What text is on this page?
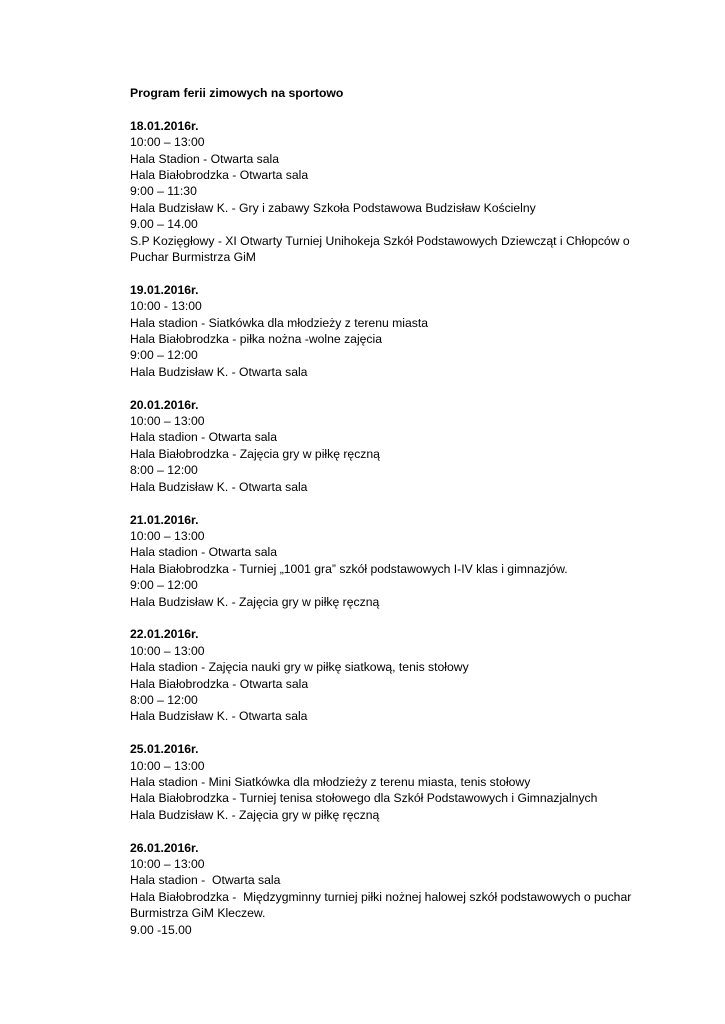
Program ferii zimowych na sportowo
18.01.2016r.
10:00 – 13:00
Hala Stadion - Otwarta sala
Hala Białobrodzka - Otwarta sala
9:00 – 11:30
Hala Budzisław K. - Gry i zabawy Szkoła Podstawowa Budzisław Kościelny
9.00 – 14.00
S.P Kozięgłowy - XI Otwarty Turniej Unihokeja Szkół Podstawowych Dziewcząt i Chłopców o
Puchar Burmistrza GiM
19.01.2016r.
10:00 - 13:00
Hala stadion - Siatkówka dla młodzieży z terenu miasta
Hala Białobrodzka - piłka nożna -wolne zajęcia
9:00 – 12:00
Hala Budzisław K. - Otwarta sala
20.01.2016r.
10:00 – 13:00
Hala stadion - Otwarta sala
Hala Białobrodzka - Zajęcia gry w piłkę ręczną
8:00 – 12:00
Hala Budzisław K. - Otwarta sala
21.01.2016r.
10:00 – 13:00
Hala stadion - Otwarta sala
Hala Białobrodzka - Turniej „1001 gra” szkół podstawowych I-IV klas i gimnazjów.
9:00 – 12:00
Hala Budzisław K. - Zajęcia gry w piłkę ręczną
22.01.2016r.
10:00 – 13:00
Hala stadion - Zajęcia nauki gry w piłkę siatkową, tenis stołowy
Hala Białobrodzka - Otwarta sala
8:00 – 12:00
Hala Budzisław K. - Otwarta sala
25.01.2016r.
10:00 – 13:00
Hala stadion - Mini Siatkówka dla młodzieży z terenu miasta, tenis stołowy
Hala Białobrodzka - Turniej tenisa stołowego dla Szkół Podstawowych i Gimnazjalnych
Hala Budzisław K. - Zajęcia gry w piłkę ręczną
26.01.2016r.
10:00 – 13:00
Hala stadion -  Otwarta sala
Hala Białobrodzka -  Międzygminny turniej piłki nożnej halowej szkół podstawowych o puchar
Burmistrza GiM Kleczew.
9.00 -15.00
